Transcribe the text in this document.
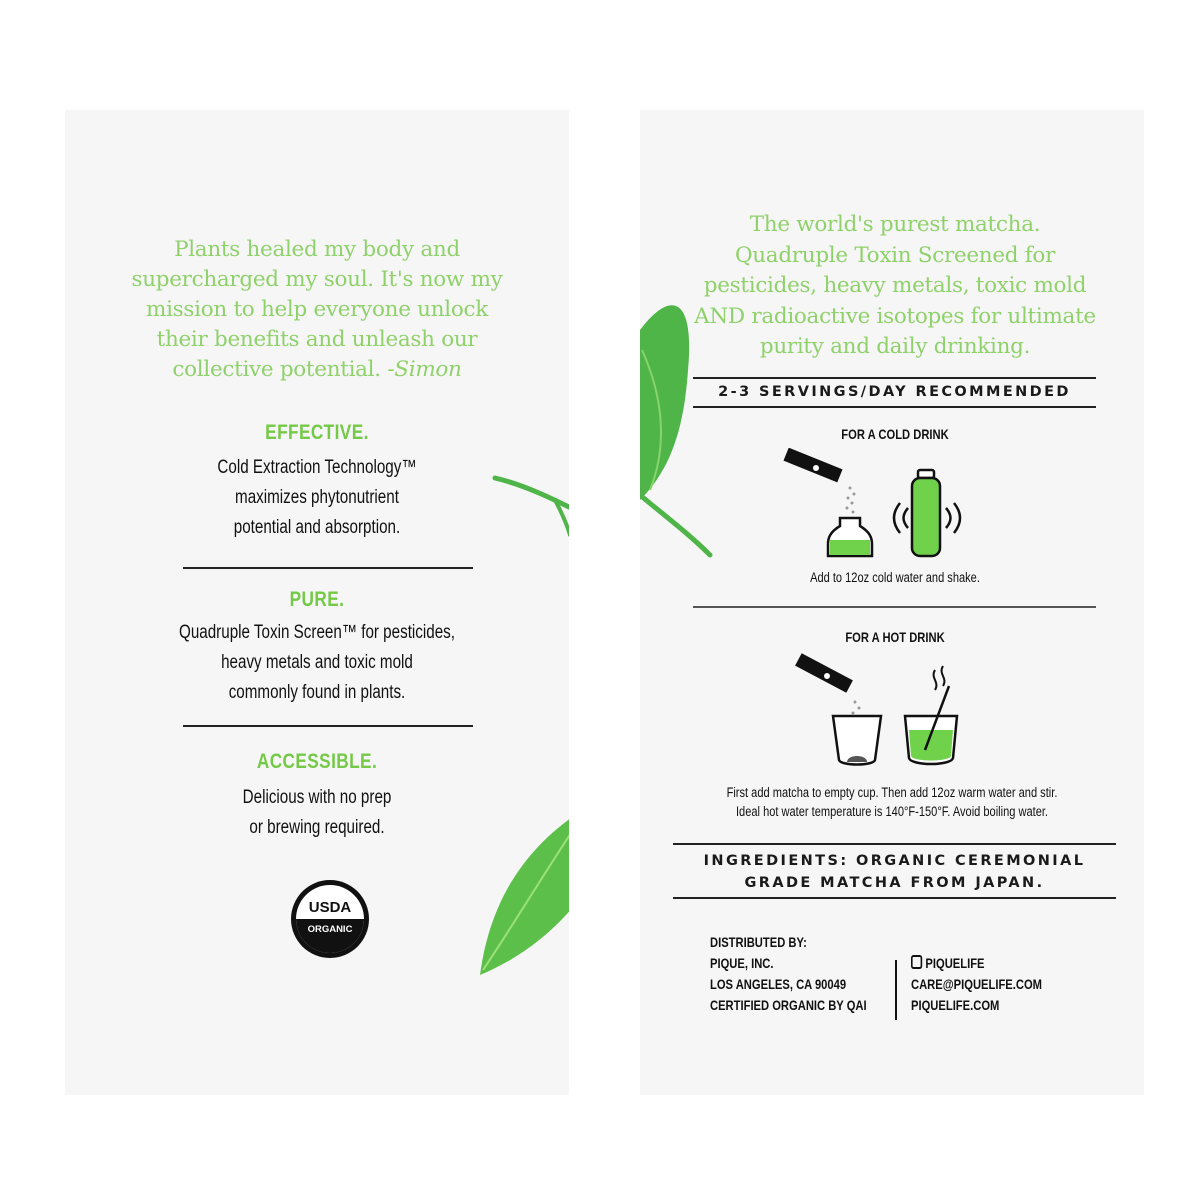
Plants healed my body and
supercharged my soul. It's now my
mission to help everyone unlock
their benefits and unleash our
collective potential. -Simon
EFFECTIVE.
Cold Extraction Technology™
maximizes phytonutrient
potential and absorption.
PURE.
Quadruple Toxin Screen™ for pesticides,
heavy metals and toxic mold
commonly found in plants.
ACCESSIBLE.
Delicious with no prep
or brewing required.
USDA
ORGANIC
The world's purest matcha.
Quadruple Toxin Screened for
pesticides, heavy metals, toxic mold
AND radioactive isotopes for ultimate
purity and daily drinking.
2-3 SERVINGS/DAY RECOMMENDED
FOR A COLD DRINK
Add to 12oz cold water and shake.
FOR A HOT DRINK
First add matcha to empty cup. Then add 12oz warm water and stir.
Ideal hot water temperature is 140°F-150°F. Avoid boiling water.
INGREDIENTS: ORGANIC CEREMONIAL
GRADE MATCHA FROM JAPAN.
DISTRIBUTED BY:
PIQUE, INC.
LOS ANGELES, CA 90049
CERTIFIED ORGANIC BY QAI
PIQUELIFE
CARE@PIQUELIFE.COM
PIQUELIFE.COM
